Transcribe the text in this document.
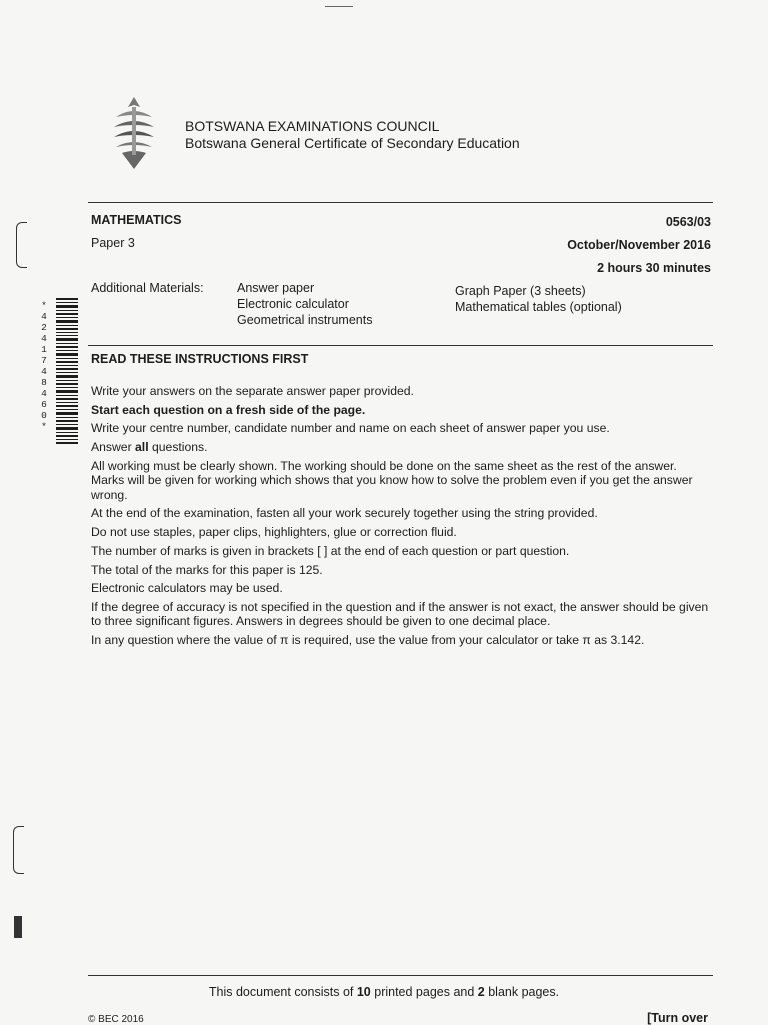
BOTSWANA EXAMINATIONS COUNCIL
Botswana General Certificate of Secondary Education
MATHEMATICS	0563/03
Paper 3	October/November 2016
2 hours 30 minutes
Additional Materials:	Answer paper
Electronic calculator
Geometrical instruments
Graph Paper (3 sheets)
Mathematical tables (optional)
*
4
2
4
1
7
4
8
4
6
0
*
READ THESE INSTRUCTIONS FIRST

Write your answers on the separate answer paper provided.

Start each question on a fresh side of the page.

Write your centre number, candidate number and name on each sheet of answer paper you use.

Answer all questions.

All working must be clearly shown. The working should be done on the same sheet as the rest of the answer. Marks will be given for working which shows that you know how to solve the problem even if you get the answer wrong.

At the end of the examination, fasten all your work securely together using the string provided.

Do not use staples, paper clips, highlighters, glue or correction fluid.

The number of marks is given in brackets [ ] at the end of each question or part question.

The total of the marks for this paper is 125.

Electronic calculators may be used.

If the degree of accuracy is not specified in the question and if the answer is not exact, the answer should be given to three significant figures. Answers in degrees should be given to one decimal place.

In any question where the value of π is required, use the value from your calculator or take π as 3.142.

This document consists of 10 printed pages and 2 blank pages.
© BEC 2016	[Turn over
